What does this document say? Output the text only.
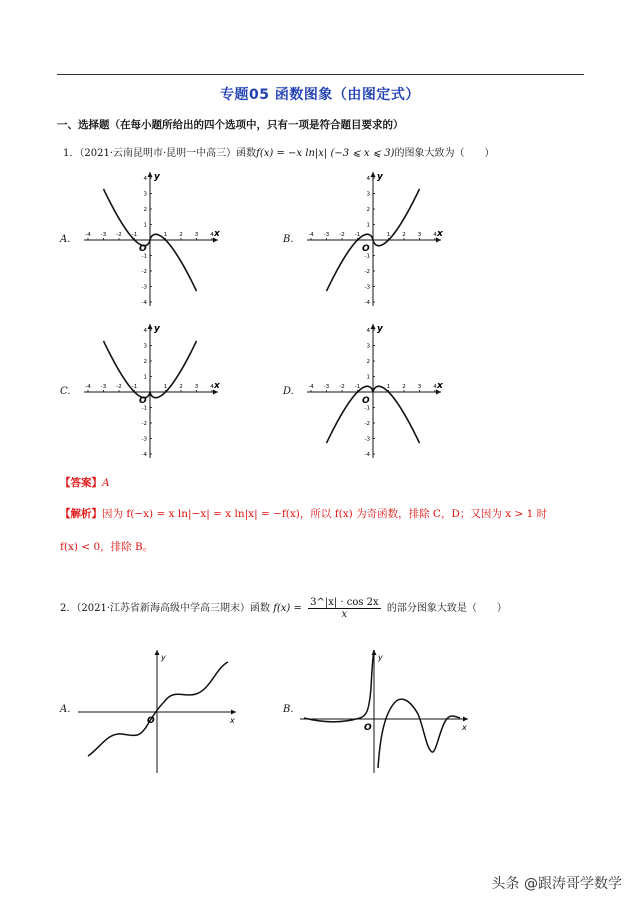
专题05 函数图象（由图定式）
一、选择题（在每小题所给出的四个选项中，只有一项是符合题目要求的）
1．（2021·云南昆明市·昆明一中高三）函数f(x) = −x ln|x| (−3 ⩽ x ⩽ 3)的图象大致为（　　）
A.	B.
C.	D.
-4 -3 -2 -1	1 2 3 4
4
3
2
1
-1
-2
-3
-4
x
y
O
-4 -3 -2 -1	1 2 3 4
4
3
2
1
-1
-2
-3
-4
x
y
O
-4 -3 -2 -1	1 2 3 4
4
3
2
1
-1
-2
-3
-4
x
y
O
-4 -3 -2 -1	1 2 3 4
4
3
2
1
-1
-2
-3
-4
x
y
O
【答案】A
【解析】因为 f(−x) = x ln|−x| = x ln|x| = −f(x)，所以 f(x) 为奇函数，排除 C，D；又因为 x > 1 时
f(x) < 0，排除 B。
2．（2021·江苏省新海高级中学高三期末）函数 $f(x) = \frac{3\^{}|x| \cdot \cos 2x}{x}$ 的部分图象大致是（　　）
A.	B.
x
y
O
x
y
O
头条 @跟涛哥学数学
